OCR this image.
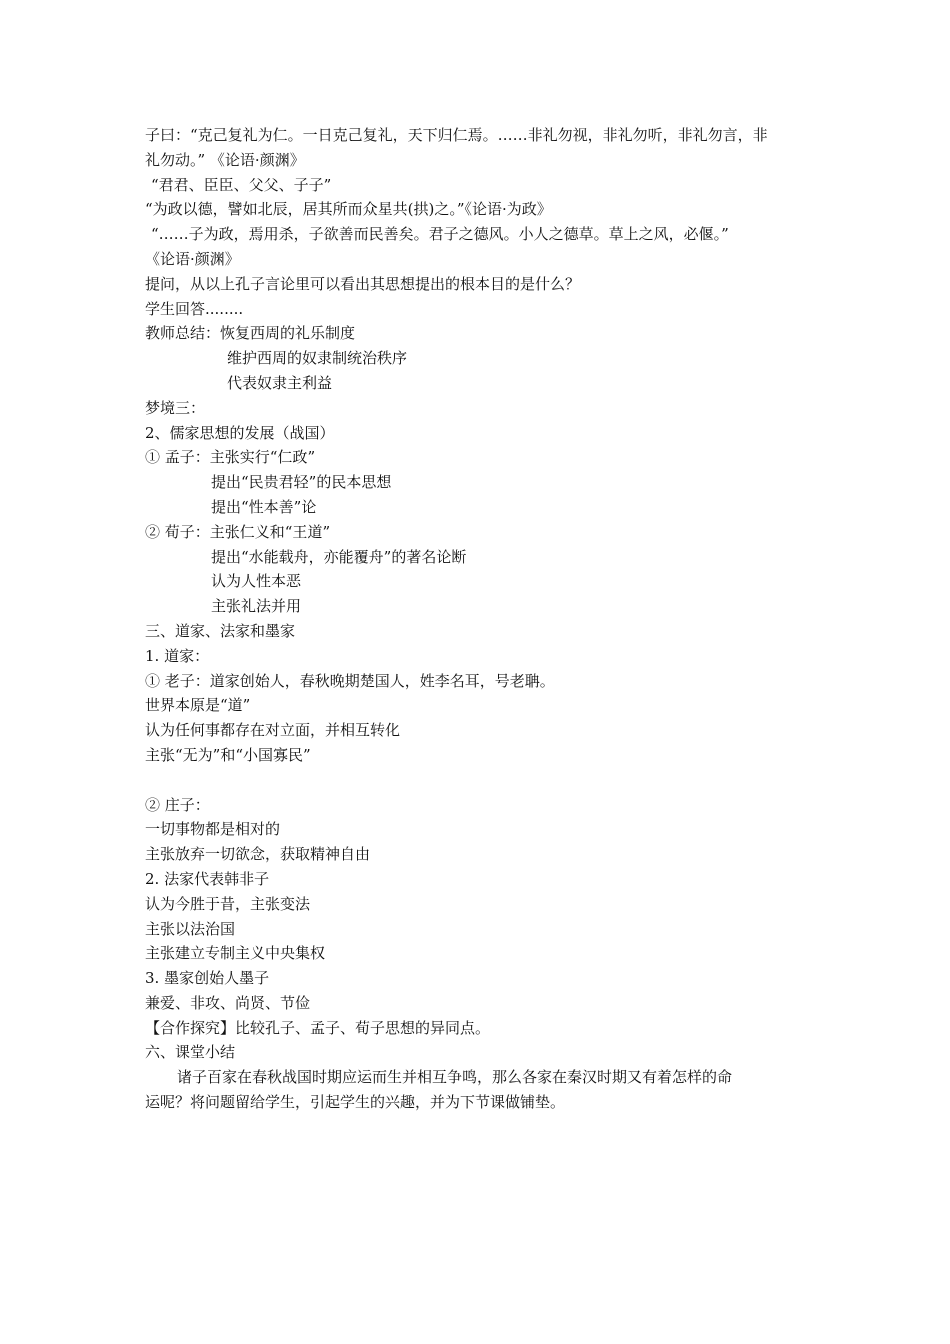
子曰：“克己复礼为仁。一日克己复礼，天下归仁焉。……非礼勿视，非礼勿听，非礼勿言，非
礼勿动。” 《论语·颜渊》
“君君、臣臣、父父、子子”
“为政以德，譬如北辰，居其所而众星共(拱)之。”《论语·为政》
“……子为政，焉用杀，子欲善而民善矣。君子之德风。小人之德草。草上之风，必偃。”
《论语·颜渊》
提问，从以上孔子言论里可以看出其思想提出的根本目的是什么？
学生回答........
教师总结：恢复西周的礼乐制度
维护西周的奴隶制统治秩序
代表奴隶主利益
梦境三：
2、儒家思想的发展（战国）
① 孟子：主张实行“仁政”
提出“民贵君轻”的民本思想
提出“性本善”论
② 荀子：主张仁义和“王道”
提出“水能载舟，亦能覆舟”的著名论断
认为人性本恶
主张礼法并用
三、道家、法家和墨家
1. 道家：
① 老子：道家创始人，春秋晚期楚国人，姓李名耳，号老聃。
世界本原是“道”
认为任何事都存在对立面，并相互转化
主张“无为”和“小国寡民”
② 庄子：
一切事物都是相对的
主张放弃一切欲念，获取精神自由
2. 法家代表韩非子
认为今胜于昔，主张变法
主张以法治国
主张建立专制主义中央集权
3. 墨家创始人墨子
兼爱、非攻、尚贤、节俭
【合作探究】比较孔子、孟子、荀子思想的异同点。
六、课堂小结
诸子百家在春秋战国时期应运而生并相互争鸣，那么各家在秦汉时期又有着怎样的命
运呢？将问题留给学生，引起学生的兴趣，并为下节课做铺垫。
